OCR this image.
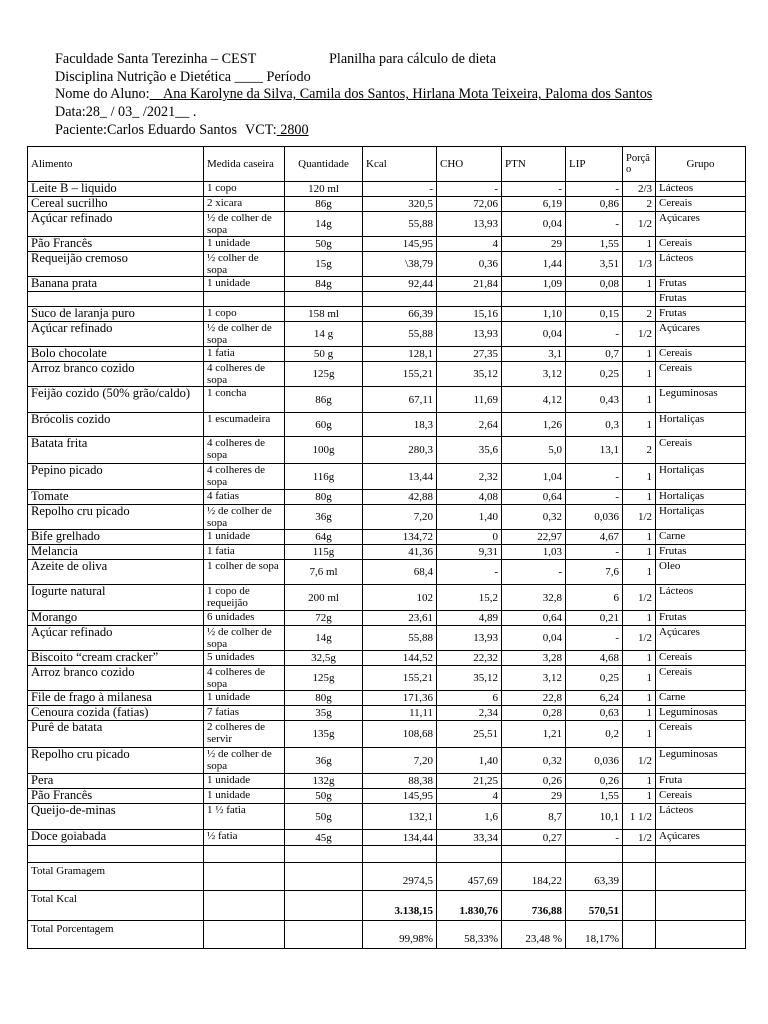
Faculdade Santa Terezinha – CEST	Planilha para cálculo de dieta
Disciplina Nutrição e Dietética ____ Período
Nome do Aluno:    Ana Karolyne da Silva, Camila dos Santos, Hirlana Mota Teixeira, Paloma dos Santos
Data:28_ / 03_ /2021__ .
Paciente:Carlos Eduardo Santos VCT: 2800
Alimento	Medida caseira	Quantidade	Kcal	CHO	PTN	LIP	Porção	Grupo
Leite B – liquido	1 copo	120 ml	-	-	-	-	2/3	Lácteos
Cereal sucrilho	2 xicara	86g	320,5	72,06	6,19	0,86	2	Cereais
Açúcar refinado	½ de colher de sopa	14g	55,88	13,93	0,04	-	1/2	Açúcares
Pão Francês	1 unidade	50g	145,95	4	29	1,55	1	Cereais
Requeijão cremoso	½ colher de sopa	15g	\38,79	0,36	1,44	3,51	1/3	Lácteos
Banana prata	1 unidade	84g	92,44	21,84	1,09	0,08	1	Frutas
								Frutas
Suco de laranja puro	1 copo	158 ml	66,39	15,16	1,10	0,15	2	Frutas
Açúcar refinado	½ de colher de sopa	14 g	55,88	13,93	0,04	-	1/2	Açúcares
Bolo chocolate	1 fatia	50 g	128,1	27,35	3,1	0,7	1	Cereais
Arroz branco cozido	4 colheres de sopa	125g	155,21	35,12	3,12	0,25	1	Cereais
Feijão cozido (50% grão/caldo)	1 concha	86g	67,11	11,69	4,12	0,43	1	Leguminosas
Brócolis cozido	1 escumadeira	60g	18,3	2,64	1,26	0,3	1	Hortaliças
Batata frita	4 colheres de sopa	100g	280,3	35,6	5,0	13,1	2	Cereais
Pepino picado	4 colheres de sopa	116g	13,44	2,32	1,04	-	1	Hortaliças
Tomate	4 fatias	80g	42,88	4,08	0,64	-	1	Hortaliças
Repolho cru picado	½ de colher de sopa	36g	7,20	1,40	0,32	0,036	1/2	Hortaliças
Bife grelhado	1 unidade	64g	134,72	0	22,97	4,67	1	Carne
Melancia	1 fatia	115g	41,36	9,31	1,03	-	1	Frutas
Azeite de oliva	1 colher de sopa	7,6 ml	68,4	-	-	7,6	1	Oleo
Iogurte natural	1 copo de requeijão	200 ml	102	15,2	32,8	6	1/2	Lácteos
Morango	6 unidades	72g	23,61	4,89	0,64	0,21	1	Frutas
Açúcar refinado	½ de colher de sopa	14g	55,88	13,93	0,04	-	1/2	Açúcares
Biscoito “cream cracker”	5 unidades	32,5g	144,52	22,32	3,28	4,68	1	Cereais
Arroz branco cozido	4 colheres de sopa	125g	155,21	35,12	3,12	0,25	1	Cereais
File de frago à milanesa	1 unidade	80g	171,36	6	22,8	6,24	1	Carne
Cenoura cozida (fatias)	7 fatias	35g	11,11	2,34	0,28	0,63	1	Leguminosas
Purê de batata	2 colheres de servir	135g	108,68	25,51	1,21	0,2	1	Cereais
Repolho cru picado	½ de colher de sopa	36g	7,20	1,40	0,32	0,036	1/2	Leguminosas
Pera	1 unidade	132g	88,38	21,25	0,26	0,26	1	Fruta
Pão Francês	1 unidade	50g	145,95	4	29	1,55	1	Cereais
Queijo-de-minas	1 ½ fatia	50g	132,1	1,6	8,7	10,1	1 1/2	Lácteos
Doce goiabada	½ fatia	45g	134,44	33,34	0,27	-	1/2	Açúcares

Total Gramagem			2974,5	457,69	184,22	63,39		
Total Kcal			3.138,15	1.830,76	736,88	570,51		
Total Porcentagem			99,98%	58,33%	23,48 %	18,17%		
